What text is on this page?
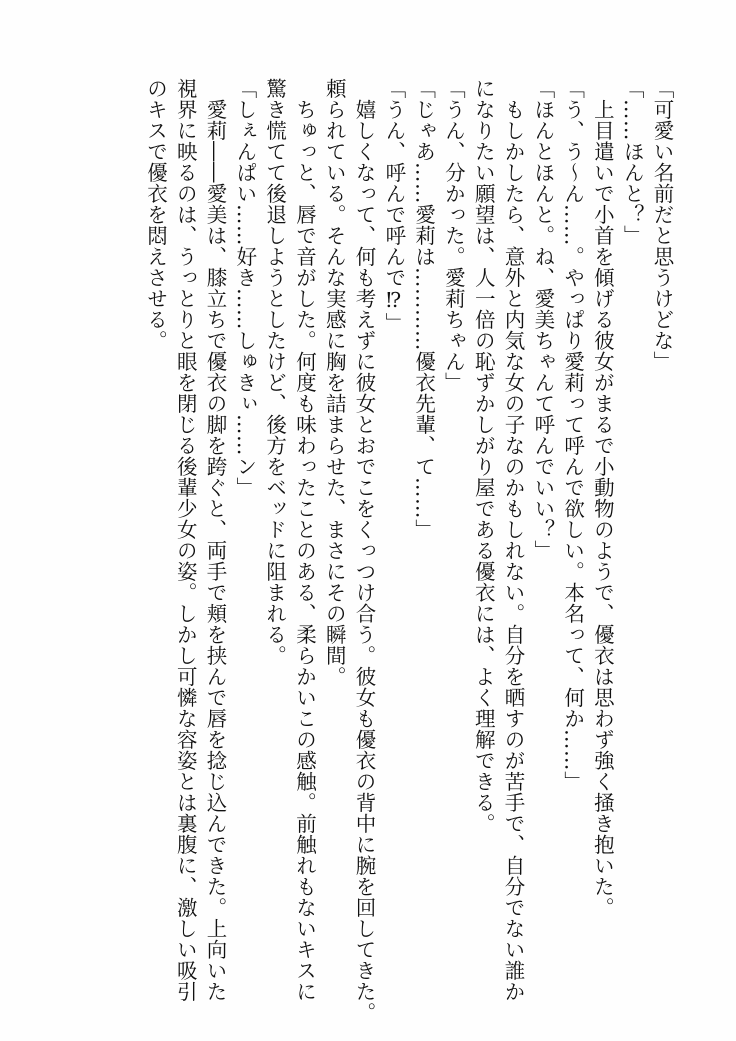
「可愛い名前だと思うけどな」
「……ほんと？」
　上目遣いで小首を傾げる彼女がまるで小動物のようで、優衣は思わず強く掻き抱いた。
「う、う〜ん……。やっぱり愛莉って呼んで欲しい。本名って、何か……」
「ほんとほんと。ね、愛美ちゃんて呼んでいい？」
　もしかしたら、意外と内気な女の子なのかもしれない。自分を晒すのが苦手で、自分でない誰か
になりたい願望は、人一倍の恥ずかしがり屋である優衣には、よく理解できる。
「うん、分かった。愛莉ちゃん」
「じゃあ……愛莉は…………優衣先輩、て……」
「うん、呼んで呼んで⁉」
　嬉しくなって、何も考えずに彼女とおでこをくっつけ合う。彼女も優衣の背中に腕を回してきた。
頼られている。そんな実感に胸を詰まらせた、まさにその瞬間。
　ちゅっと、唇で音がした。何度も味わったことのある、柔らかいこの感触。前触れもないキスに
驚き慌てて後退しようとしたけど、後方をベッドに阻まれる。
「しぇんぱい……好き……しゅきぃ……ン」
　愛莉――愛美は、膝立ちで優衣の脚を跨ぐと、両手で頬を挟んで唇を捻じ込んできた。上向いた
視界に映るのは、うっとりと眼を閉じる後輩少女の姿。しかし可憐な容姿とは裏腹に、激しい吸引
のキスで優衣を悶えさせる。
